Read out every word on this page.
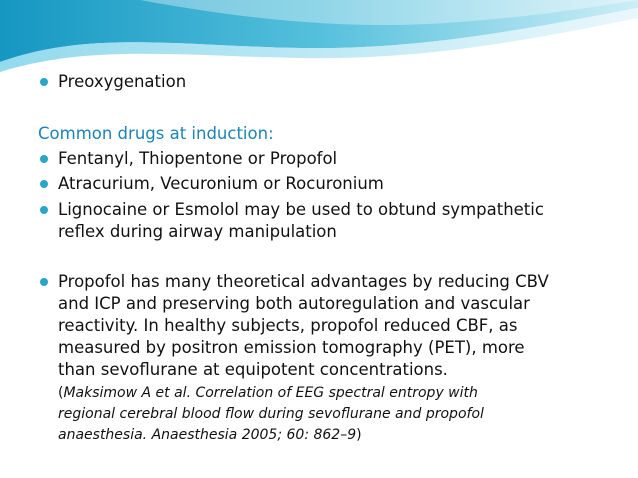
Preoxygenation
Common drugs at induction:
Fentanyl, Thiopentone or Propofol
Atracurium, Vecuronium or Rocuronium
Lignocaine or Esmolol may be used to obtund sympathetic
reflex during airway manipulation
Propofol has many theoretical advantages by reducing CBV
and ICP and preserving both autoregulation and vascular
reactivity. In healthy subjects, propofol reduced CBF, as
measured by positron emission tomography (PET), more
than sevoflurane at equipotent concentrations.
(Maksimow A et al. Correlation of EEG spectral entropy with
regional cerebral blood flow during sevoflurane and propofol
anaesthesia. Anaesthesia 2005; 60: 862–9)
